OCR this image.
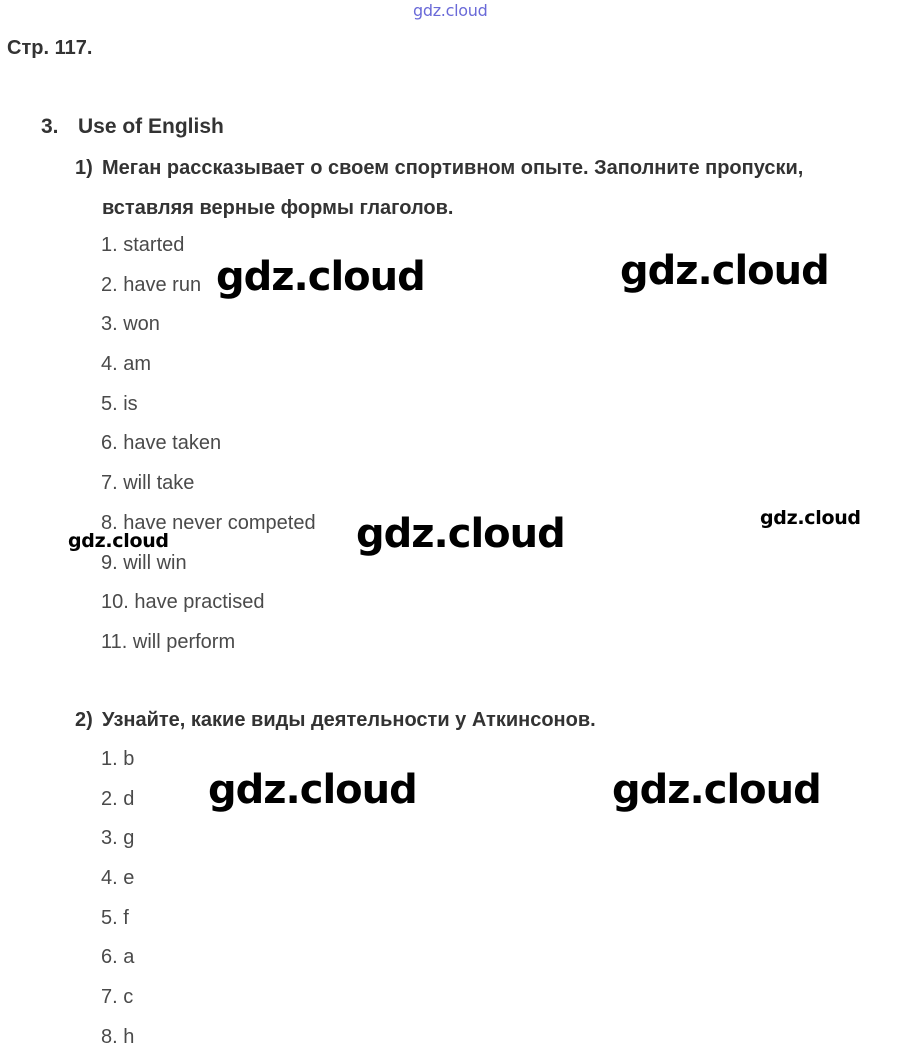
gdz.cloud
Стр. 117.
3. Use of English
1) Меган рассказывает о своем спортивном опыте. Заполните пропуски,
вставляя верные формы глаголов.
1. started
2. have run
3. won
4. am
5. is
6. have taken
7. will take
8. have never competed
9. will win
10. have practised
11. will perform
2) Узнайте, какие виды деятельности у Аткинсонов.
1. b
2. d
3. g
4. e
5. f
6. a
7. c
8. h
gdz.cloud	gdz.cloud
gdz.cloud	gdz.cloud
gdz.cloud
gdz.cloud	gdz.cloud
